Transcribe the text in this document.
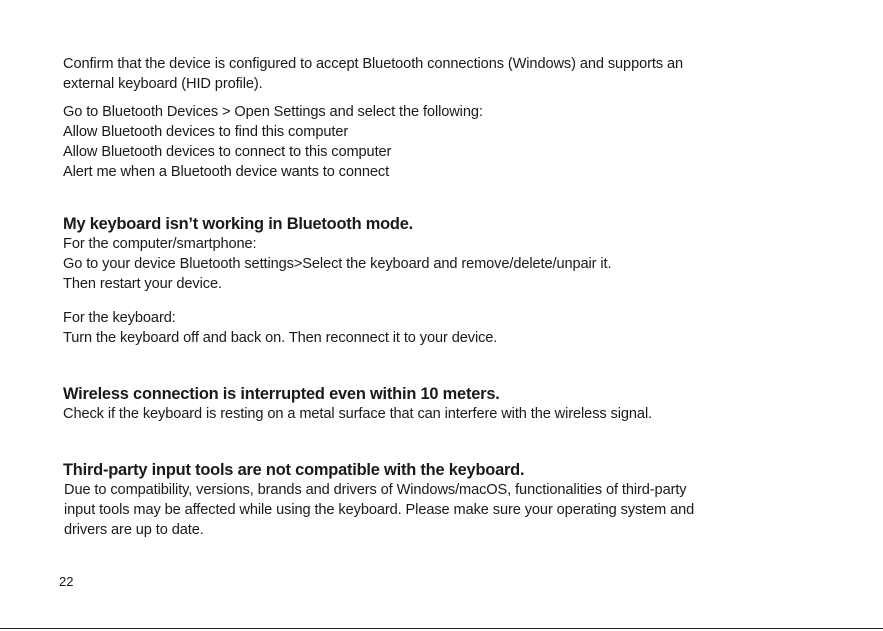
Confirm that the device is configured to accept Bluetooth connections (Windows) and supports an
external keyboard (HID profile).

Go to Bluetooth Devices > Open Settings and select the following:
Allow Bluetooth devices to find this computer
Allow Bluetooth devices to connect to this computer
Alert me when a Bluetooth device wants to connect

My keyboard isn’t working in Bluetooth mode.

For the computer/smartphone:
Go to your device Bluetooth settings>Select the keyboard and remove/delete/unpair it.
Then restart your device.

For the keyboard:
Turn the keyboard off and back on. Then reconnect it to your device.

Wireless connection is interrupted even within 10 meters.

Check if the keyboard is resting on a metal surface that can interfere with the wireless signal.

Third-party input tools are not compatible with the keyboard.

Due to compatibility, versions, brands and drivers of Windows/macOS, functionalities of third-party
input tools may be affected while using the keyboard. Please make sure your operating system and
drivers are up to date.

22
